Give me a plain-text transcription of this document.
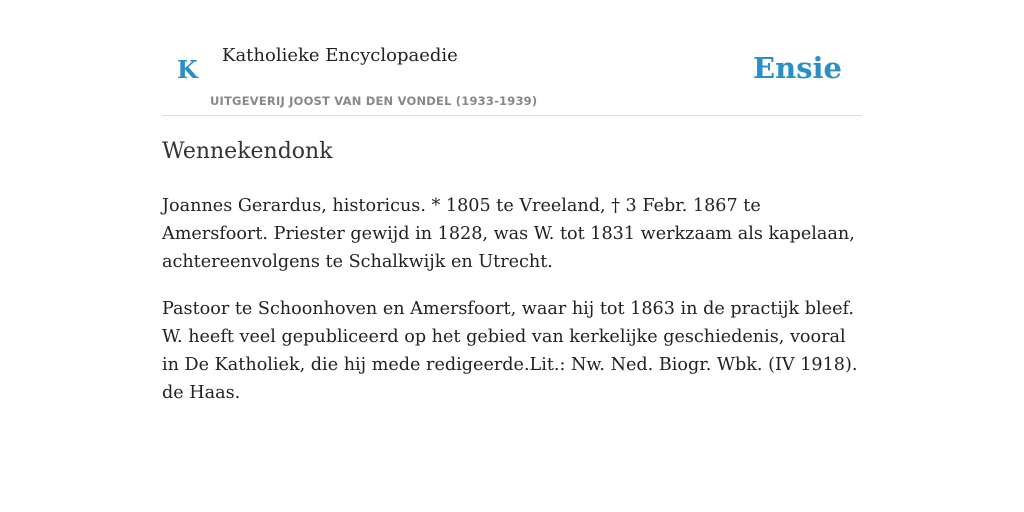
K Katholieke Encyclopaedie
UITGEVERIJ JOOST VAN DEN VONDEL (1933-1939)
Ensie
Wennekendonk

Joannes Gerardus, historicus. * 1805 te Vreeland, † 3 Febr. 1867 te Amersfoort. Priester gewijd in 1828, was W. tot 1831 werkzaam als kapelaan, achtereenvolgens te Schalkwijk en Utrecht.

Pastoor te Schoonhoven en Amersfoort, waar hij tot 1863 in de practijk bleef. W. heeft veel gepubliceerd op het gebied van kerkelijke geschiedenis, vooral in De Katholiek, die hij mede redigeerde.Lit.: Nw. Ned. Biogr. Wbk. (IV 1918). de Haas.
